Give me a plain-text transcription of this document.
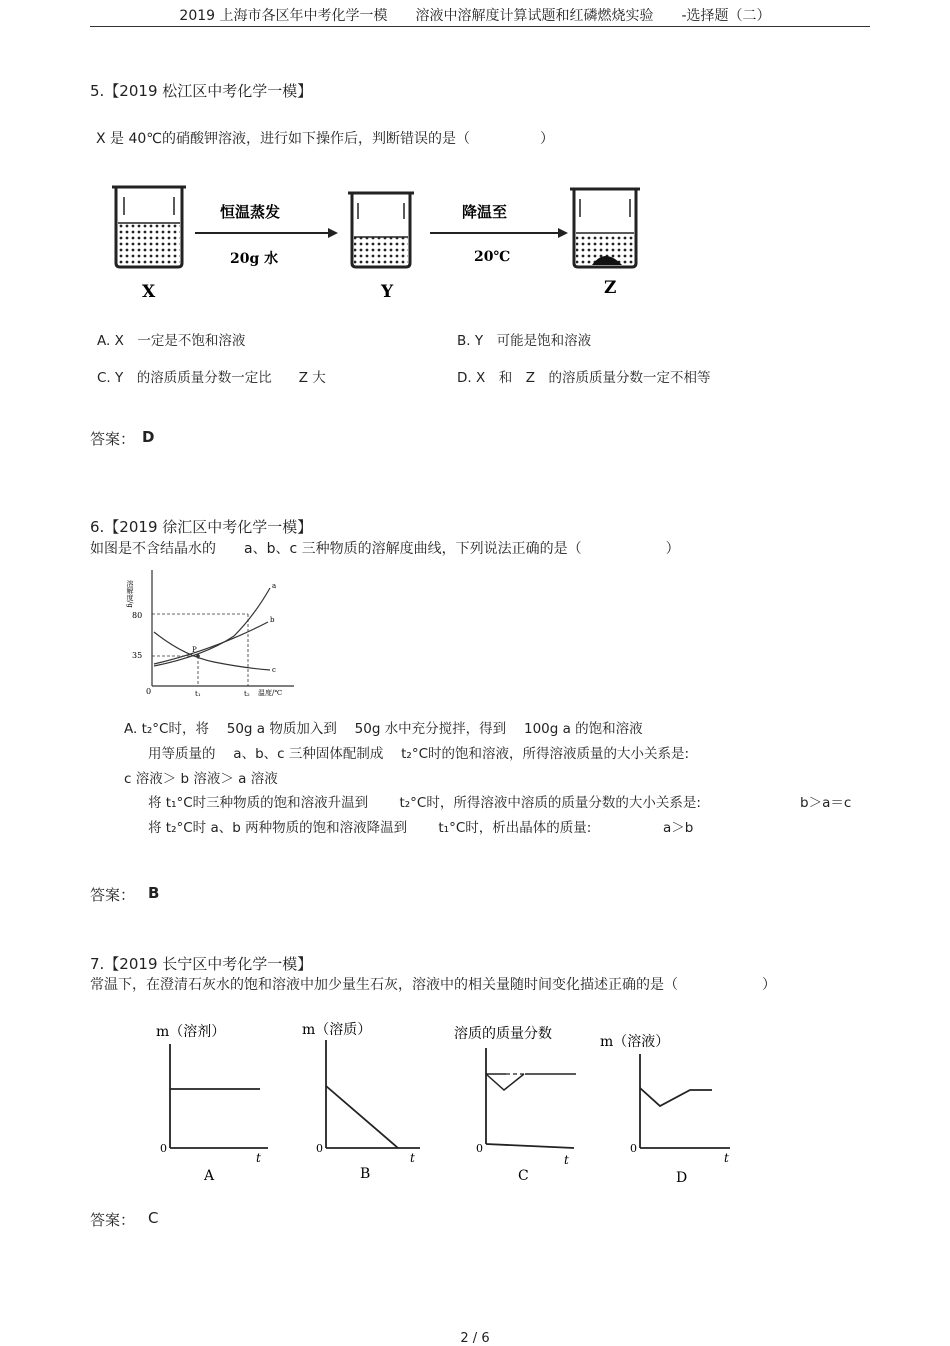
2019 上海市各区年中考化学一模　　溶液中溶解度计算试题和红磷燃烧实验　　-选择题（二）
5.【2019 松江区中考化学一模】
X 是 40℃的硝酸钾溶液，进行如下操作后，判断错误的是（　　　　　）
恒温蒸发
20g 水
降温至
20℃
X	Y	Z
A. X　一定是不饱和溶液	B. Y　可能是饱和溶液
C. Y　的溶质质量分数一定比　　Z 大	D. X　和　Z　的溶质质量分数一定不相等
答案： D
6.【2019 徐汇区中考化学一模】
如图是不含结晶水的　　a、b、c 三种物质的溶解度曲线，下列说法正确的是（　　　　　　）
溶解度/g
温度/℃
0
80
35
t₁	t₂
P
a
b
c
A. t₂°C时，将　 50g a 物质加入到　 50g 水中充分搅拌，得到　 100g a 的饱和溶液
用等质量的　 a、b、c 三种固体配制成　 t₂°C时的饱和溶液，所得溶液质量的大小关系是:
c 溶液＞ b 溶液＞ a 溶液
将 t₁°C时三种物质的饱和溶液升温到　　 t₂°C时，所得溶液中溶质的质量分数的大小关系是:	b＞a＝c
将 t₂°C时 a、b 两种物质的饱和溶液降温到　　 t₁°C时，析出晶体的质量:	a＞b
答案： B
7.【2019 长宁区中考化学一模】
常温下，在澄清石灰水的饱和溶液中加少量生石灰，溶液中的相关量随时间变化描述正确的是（　　　　　　）
m（溶剂）
0
t
A
m（溶质）
0
t
B
溶质的质量分数
0
t
C
m（溶液）
0
t
D
答案： C
2 / 6
